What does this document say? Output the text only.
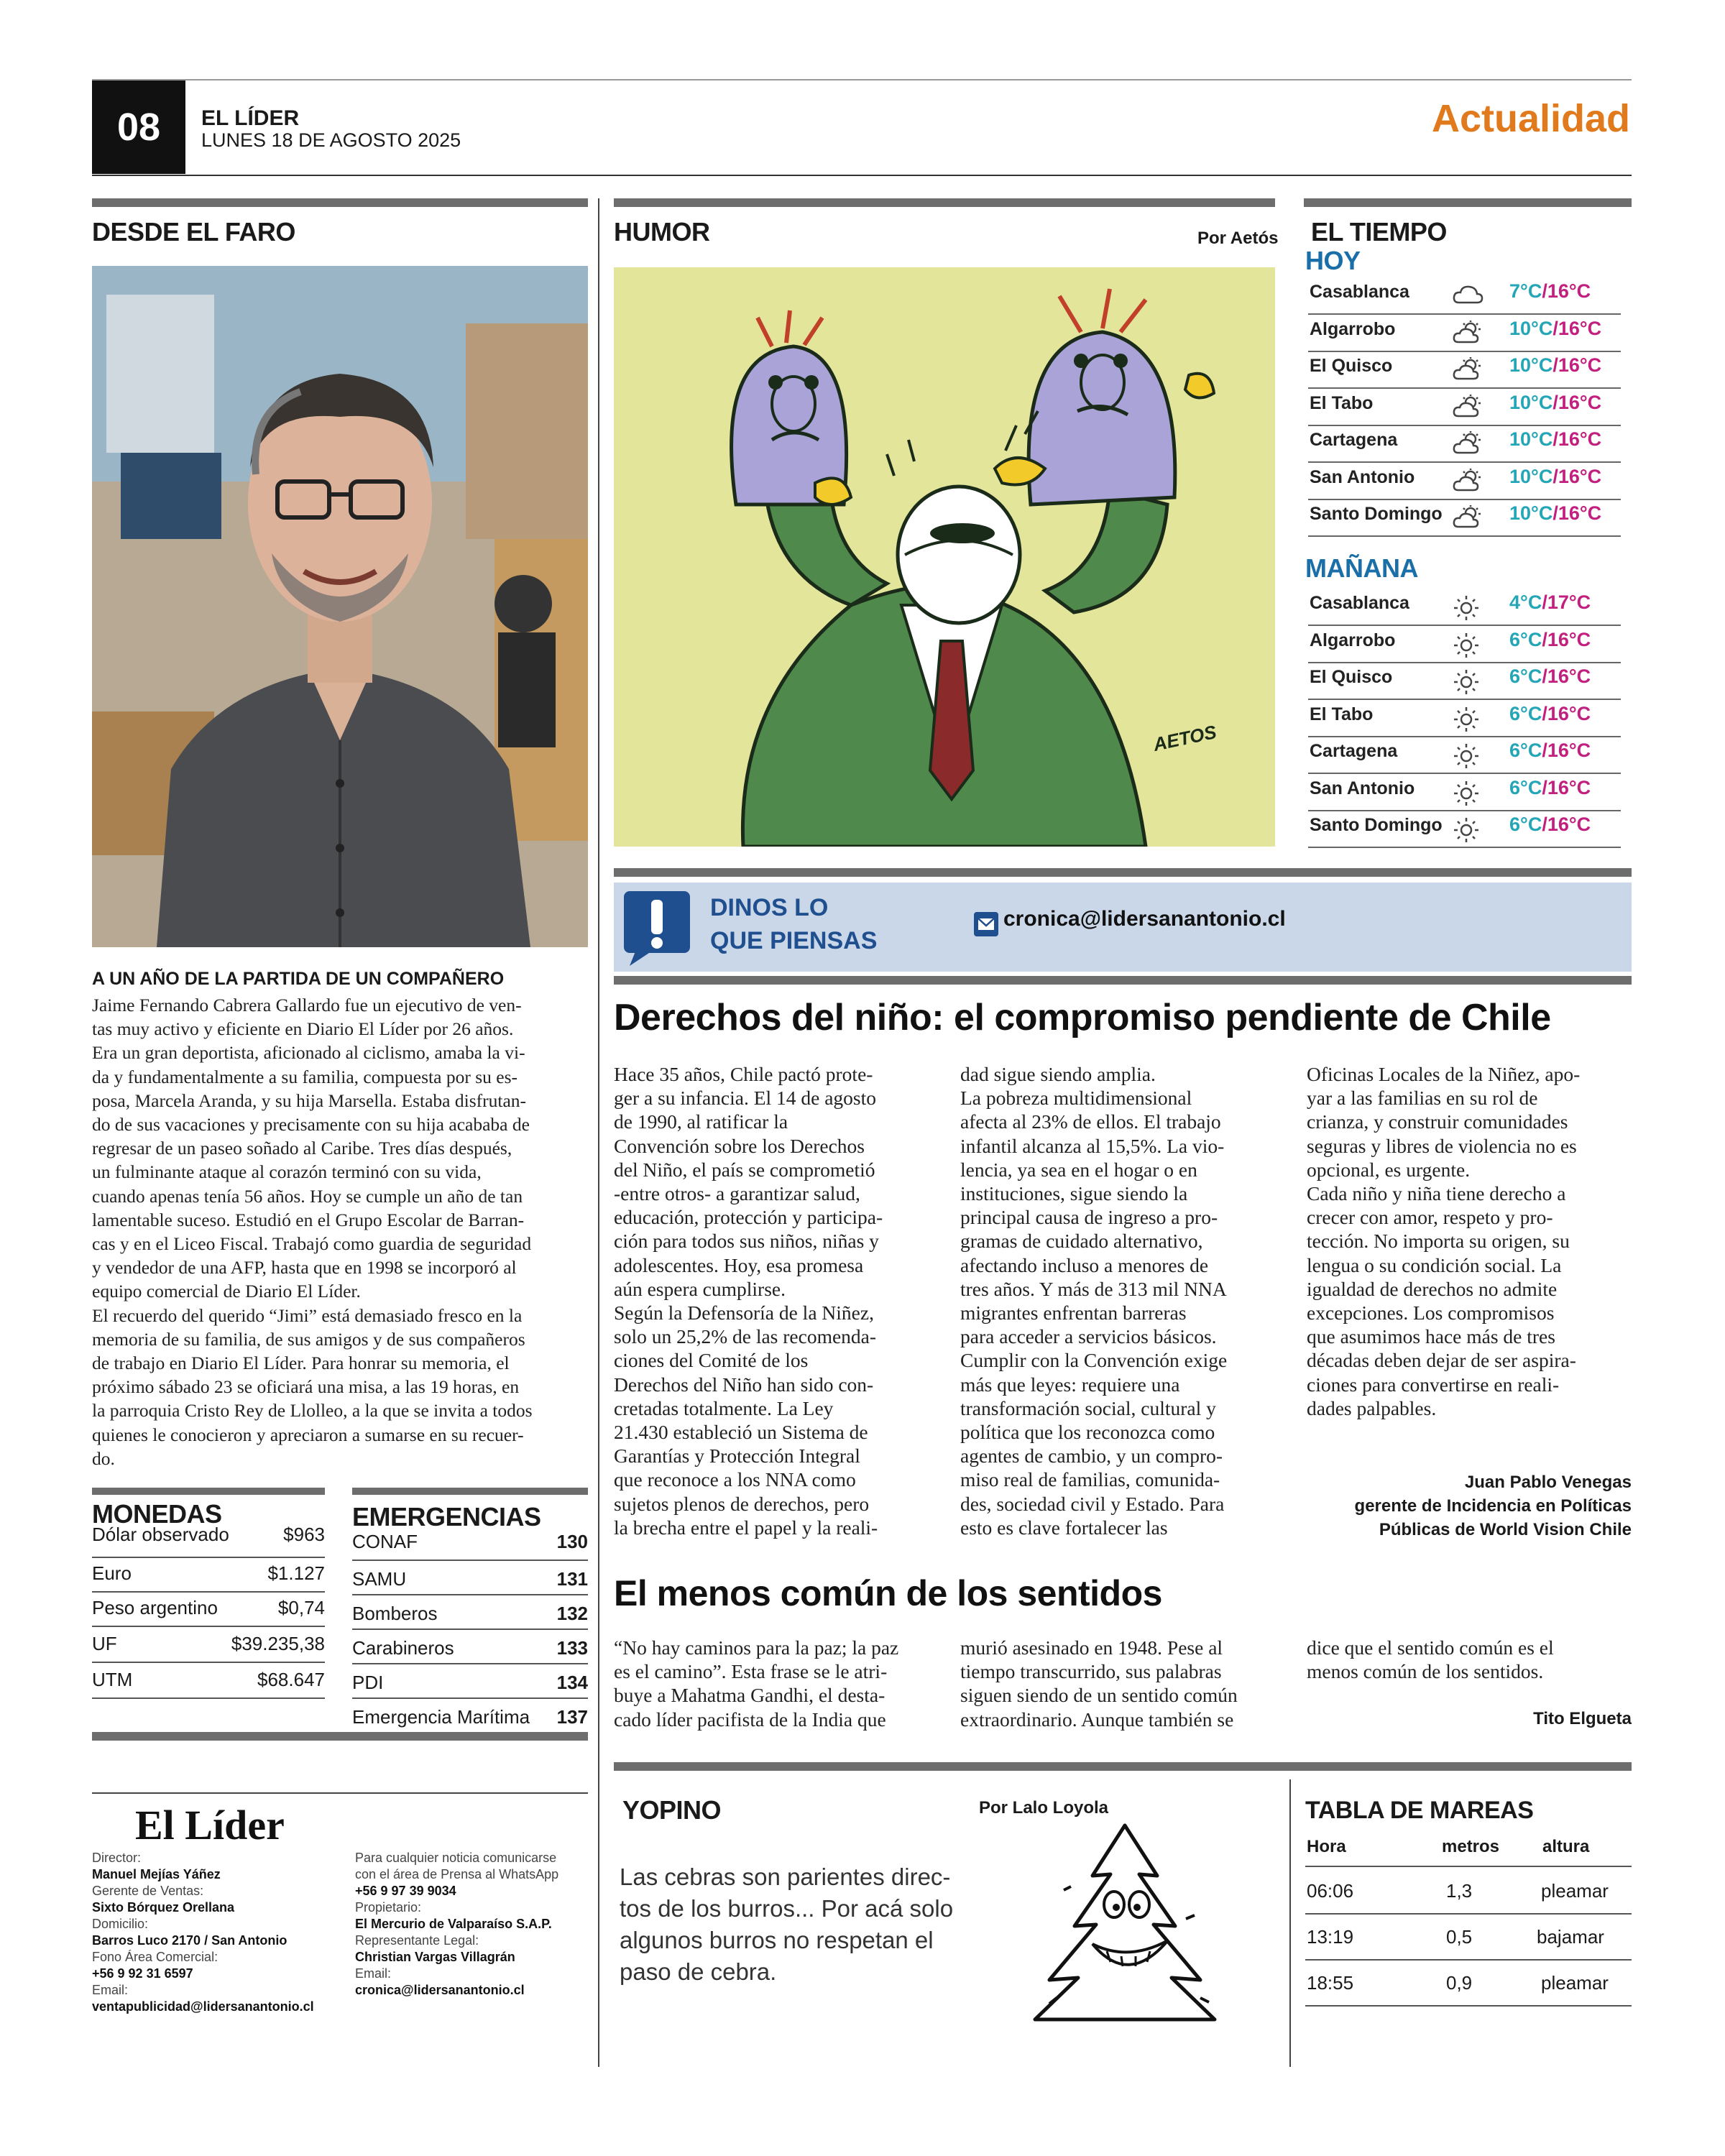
08	EL LÍDER
LUNES 18 DE AGOSTO 2025	Actualidad
DESDE EL FARO
A UN AÑO DE LA PARTIDA DE UN COMPAÑERO

Jaime Fernando Cabrera Gallardo fue un ejecutivo de ven-

tas muy activo y eficiente en Diario El Líder por 26 años.

Era un gran deportista, aficionado al ciclismo, amaba la vi-

da y fundamentalmente a su familia, compuesta por su es-

posa, Marcela Aranda, y su hija Marsella. Estaba disfrutan-

do de sus vacaciones y precisamente con su hija acababa de

regresar de un paseo soñado al Caribe. Tres días después,

un fulminante ataque al corazón terminó con su vida,

cuando apenas tenía 56 años. Hoy se cumple un año de tan

lamentable suceso. Estudió en el Grupo Escolar de Barran-

cas y en el Liceo Fiscal. Trabajó como guardia de seguridad

y vendedor de una AFP, hasta que en 1998 se incorporó al

equipo comercial de Diario El Líder.

El recuerdo del querido “Jimi” está demasiado fresco en la

memoria de su familia, de sus amigos y de sus compañeros

de trabajo en Diario El Líder. Para honrar su memoria, el

próximo sábado 23 se oficiará una misa, a las 19 horas, en

la parroquia Cristo Rey de Llolleo, a la que se invita a todos

quienes le conocieron y apreciaron a sumarse en su recuer-

do.

MONEDAS
Dólar observado	$963
Euro	$1.127
Peso argentino	$0,74
UF	$39.235,38
UTM	$68.647
EMERGENCIAS
CONAF	130
SAMU	131
Bomberos	132
Carabineros	133
PDI	134
Emergencia Marítima 137
El Líder
Director:
Manuel Mejías Yáñez
Gerente de Ventas:
Sixto Bórquez Orellana
Domicilio:
Barros Luco 2170 / San Antonio
Fono Área Comercial:
+56 9 92 31 6597
Email:
ventapublicidad@lidersanantonio.cl
Para cualquier noticia comunicarse
con el área de Prensa al WhatsApp
+56 9 97 39 9034
Propietario:
El Mercurio de Valparaíso S.A.P.
Representante Legal:
Christian Vargas Villagrán
Email:
cronica@lidersanantonio.cl
HUMOR	Por Aetós
AETOS
EL TIEMPO
HOY
Casablanca	7°C/16°C
Algarrobo	10°C/16°C
El Quisco	10°C/16°C
El Tabo	10°C/16°C
Cartagena	10°C/16°C
San Antonio	10°C/16°C
Santo Domingo	10°C/16°C
MAÑANA
Casablanca	4°C/17°C
Algarrobo	6°C/16°C
El Quisco	6°C/16°C
El Tabo	6°C/16°C
Cartagena	6°C/16°C
San Antonio	6°C/16°C
Santo Domingo	6°C/16°C
DINOS LO
QUE PIENSAS
cronica@lidersanantonio.cl
Derechos del niño: el compromiso pendiente de Chile

Hace 35 años, Chile pactó prote-

ger a su infancia. El 14 de agosto

de 1990, al ratificar la

Convención sobre los Derechos

del Niño, el país se comprometió

-entre otros- a garantizar salud,

educación, protección y participa-

ción para todos sus niños, niñas y

adolescentes. Hoy, esa promesa

aún espera cumplirse.

Según la Defensoría de la Niñez,

solo un 25,2% de las recomenda-

ciones del Comité de los

Derechos del Niño han sido con-

cretadas totalmente. La Ley

21.430 estableció un Sistema de

Garantías y Protección Integral

que reconoce a los NNA como

sujetos plenos de derechos, pero

la brecha entre el papel y la reali-

dad sigue siendo amplia.

La pobreza multidimensional

afecta al 23% de ellos. El trabajo

infantil alcanza al 15,5%. La vio-

lencia, ya sea en el hogar o en

instituciones, sigue siendo la

principal causa de ingreso a pro-

gramas de cuidado alternativo,

afectando incluso a menores de

tres años. Y más de 313 mil NNA

migrantes enfrentan barreras

para acceder a servicios básicos.

Cumplir con la Convención exige

más que leyes: requiere una

transformación social, cultural y

política que los reconozca como

agentes de cambio, y un compro-

miso real de familias, comunida-

des, sociedad civil y Estado. Para

esto es clave fortalecer las

Oficinas Locales de la Niñez, apo-

yar a las familias en su rol de

crianza, y construir comunidades

seguras y libres de violencia no es

opcional, es urgente.

Cada niño y niña tiene derecho a

crecer con amor, respeto y pro-

tección. No importa su origen, su

lengua o su condición social. La

igualdad de derechos no admite

excepciones. Los compromisos

que asumimos hace más de tres

décadas deben dejar de ser aspira-

ciones para convertirse en reali-

dades palpables.

Juan Pablo Venegas
gerente de Incidencia en Políticas
Públicas de World Vision Chile
El menos común de los sentidos

“No hay caminos para la paz; la paz

es el camino”. Esta frase se le atri-

buye a Mahatma Gandhi, el desta-

cado líder pacifista de la India que

murió asesinado en 1948. Pese al

tiempo transcurrido, sus palabras

siguen siendo de un sentido común

extraordinario. Aunque también se

dice que el sentido común es el

menos común de los sentidos.

Tito Elgueta
YOPINO	Por Lalo Loyola
Las cebras son parientes direc-
tos de los burros... Por acá solo
algunos burros no respetan el
paso de cebra.
TABLA DE MAREAS
Hora	metros altura
06:06	1,3	pleamar
13:19	0,5	bajamar
18:55	0,9	pleamar
